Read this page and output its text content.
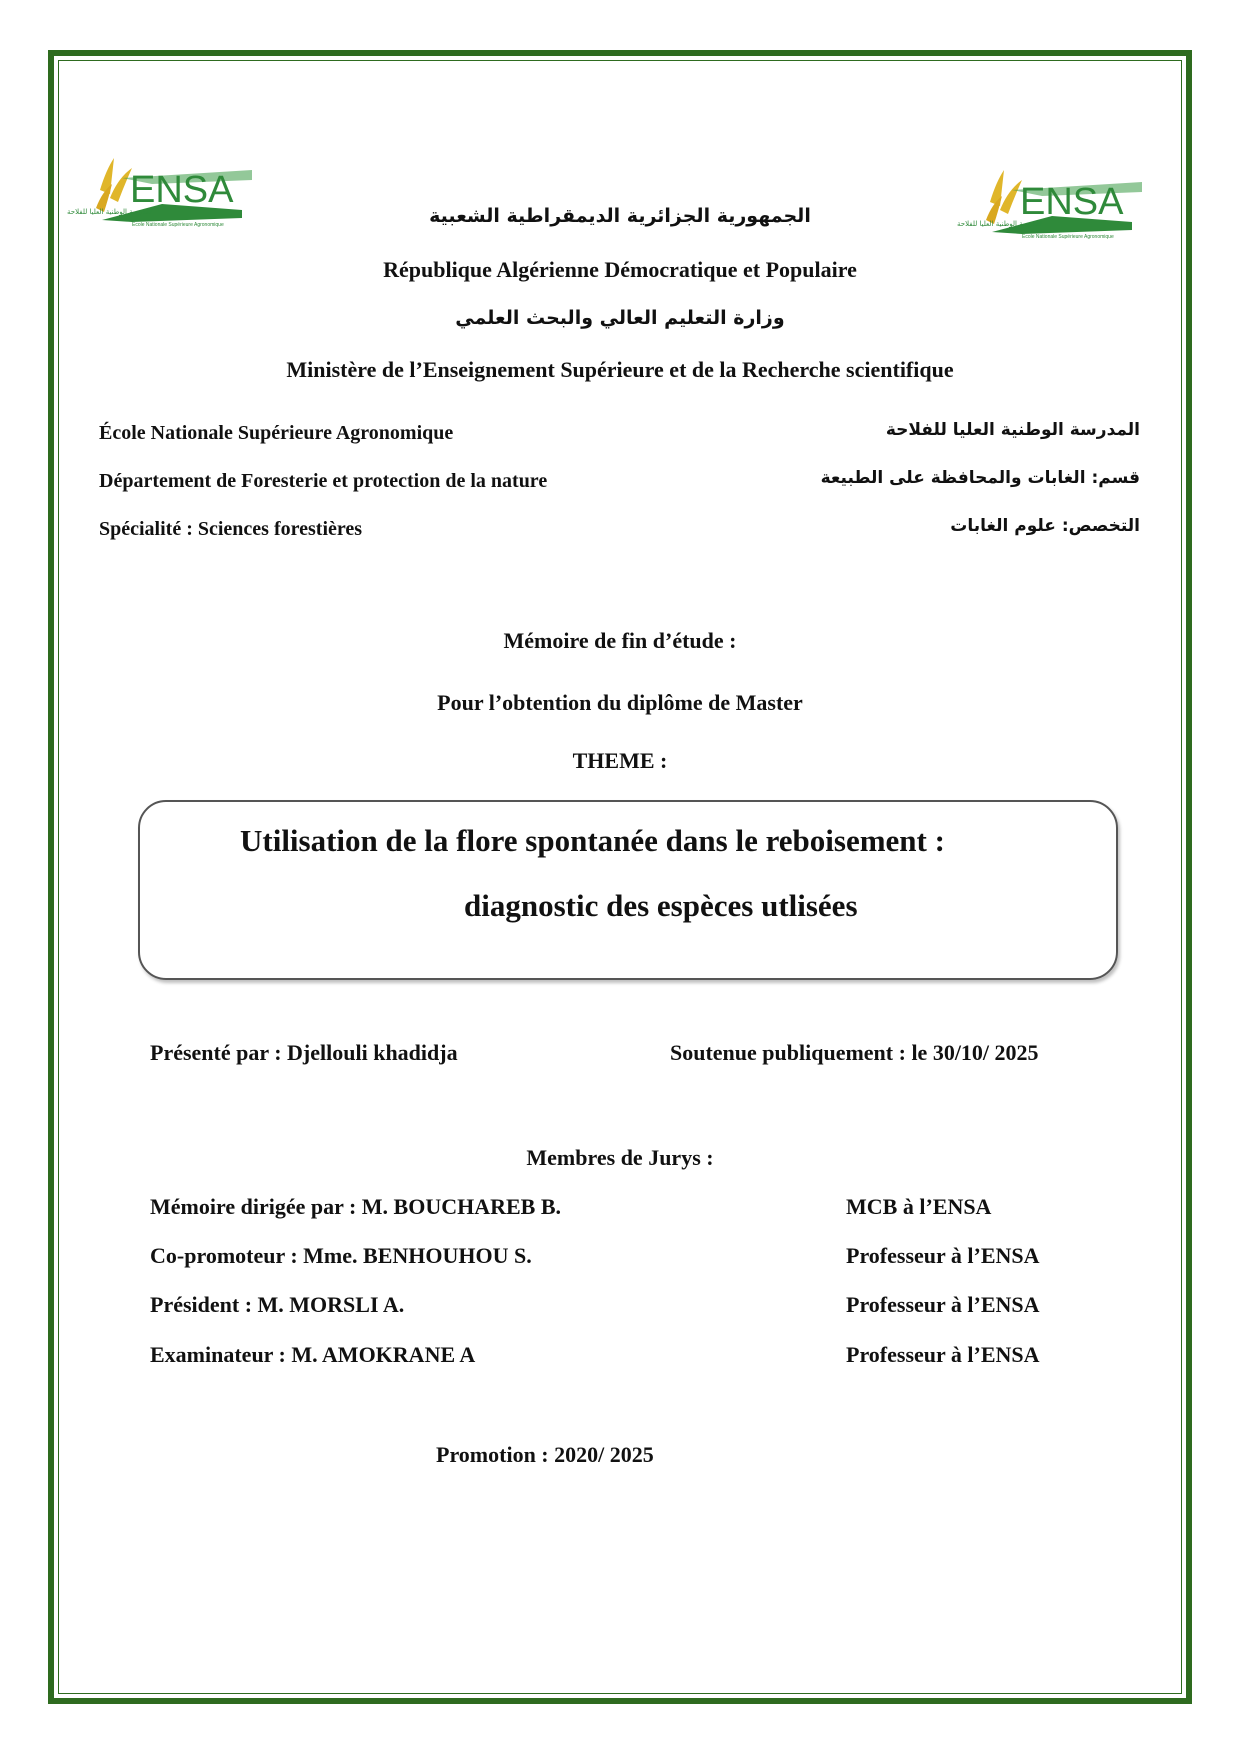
ENSA
المدرسة الوطنية العليا للفلاحة
Ecole Nationale Supérieure Agronomique
ENSA
المدرسة الوطنية العليا للفلاحة
Ecole Nationale Supérieure Agronomique
الجمهورية الجزائرية الديمقراطية الشعبية
République Algérienne Démocratique et Populaire
وزارة التعليم العالي والبحث العلمي
Ministère de l’Enseignement Supérieure et de la Recherche scientifique
École Nationale Supérieure Agronomique	المدرسة الوطنية العليا للفلاحة
Département de Foresterie et protection de la nature	قسم: الغابات والمحافظة على الطبيعة
Spécialité : Sciences forestières	التخصص: علوم الغابات
Mémoire de fin d’étude :
Pour l’obtention du diplôme de Master
THEME :
Utilisation de la flore spontanée dans le reboisement :
diagnostic des espèces utlisées
Présenté par : Djellouli khadidja	Soutenue publiquement : le 30/10/ 2025
Membres de Jurys :
Mémoire dirigée par : M. BOUCHAREB B.	MCB à l’ENSA
Co-promoteur : Mme. BENHOUHOU S.	Professeur à l’ENSA
Président : M. MORSLI A.	Professeur à l’ENSA
Examinateur : M. AMOKRANE A	Professeur à l’ENSA
Promotion : 2020/ 2025
